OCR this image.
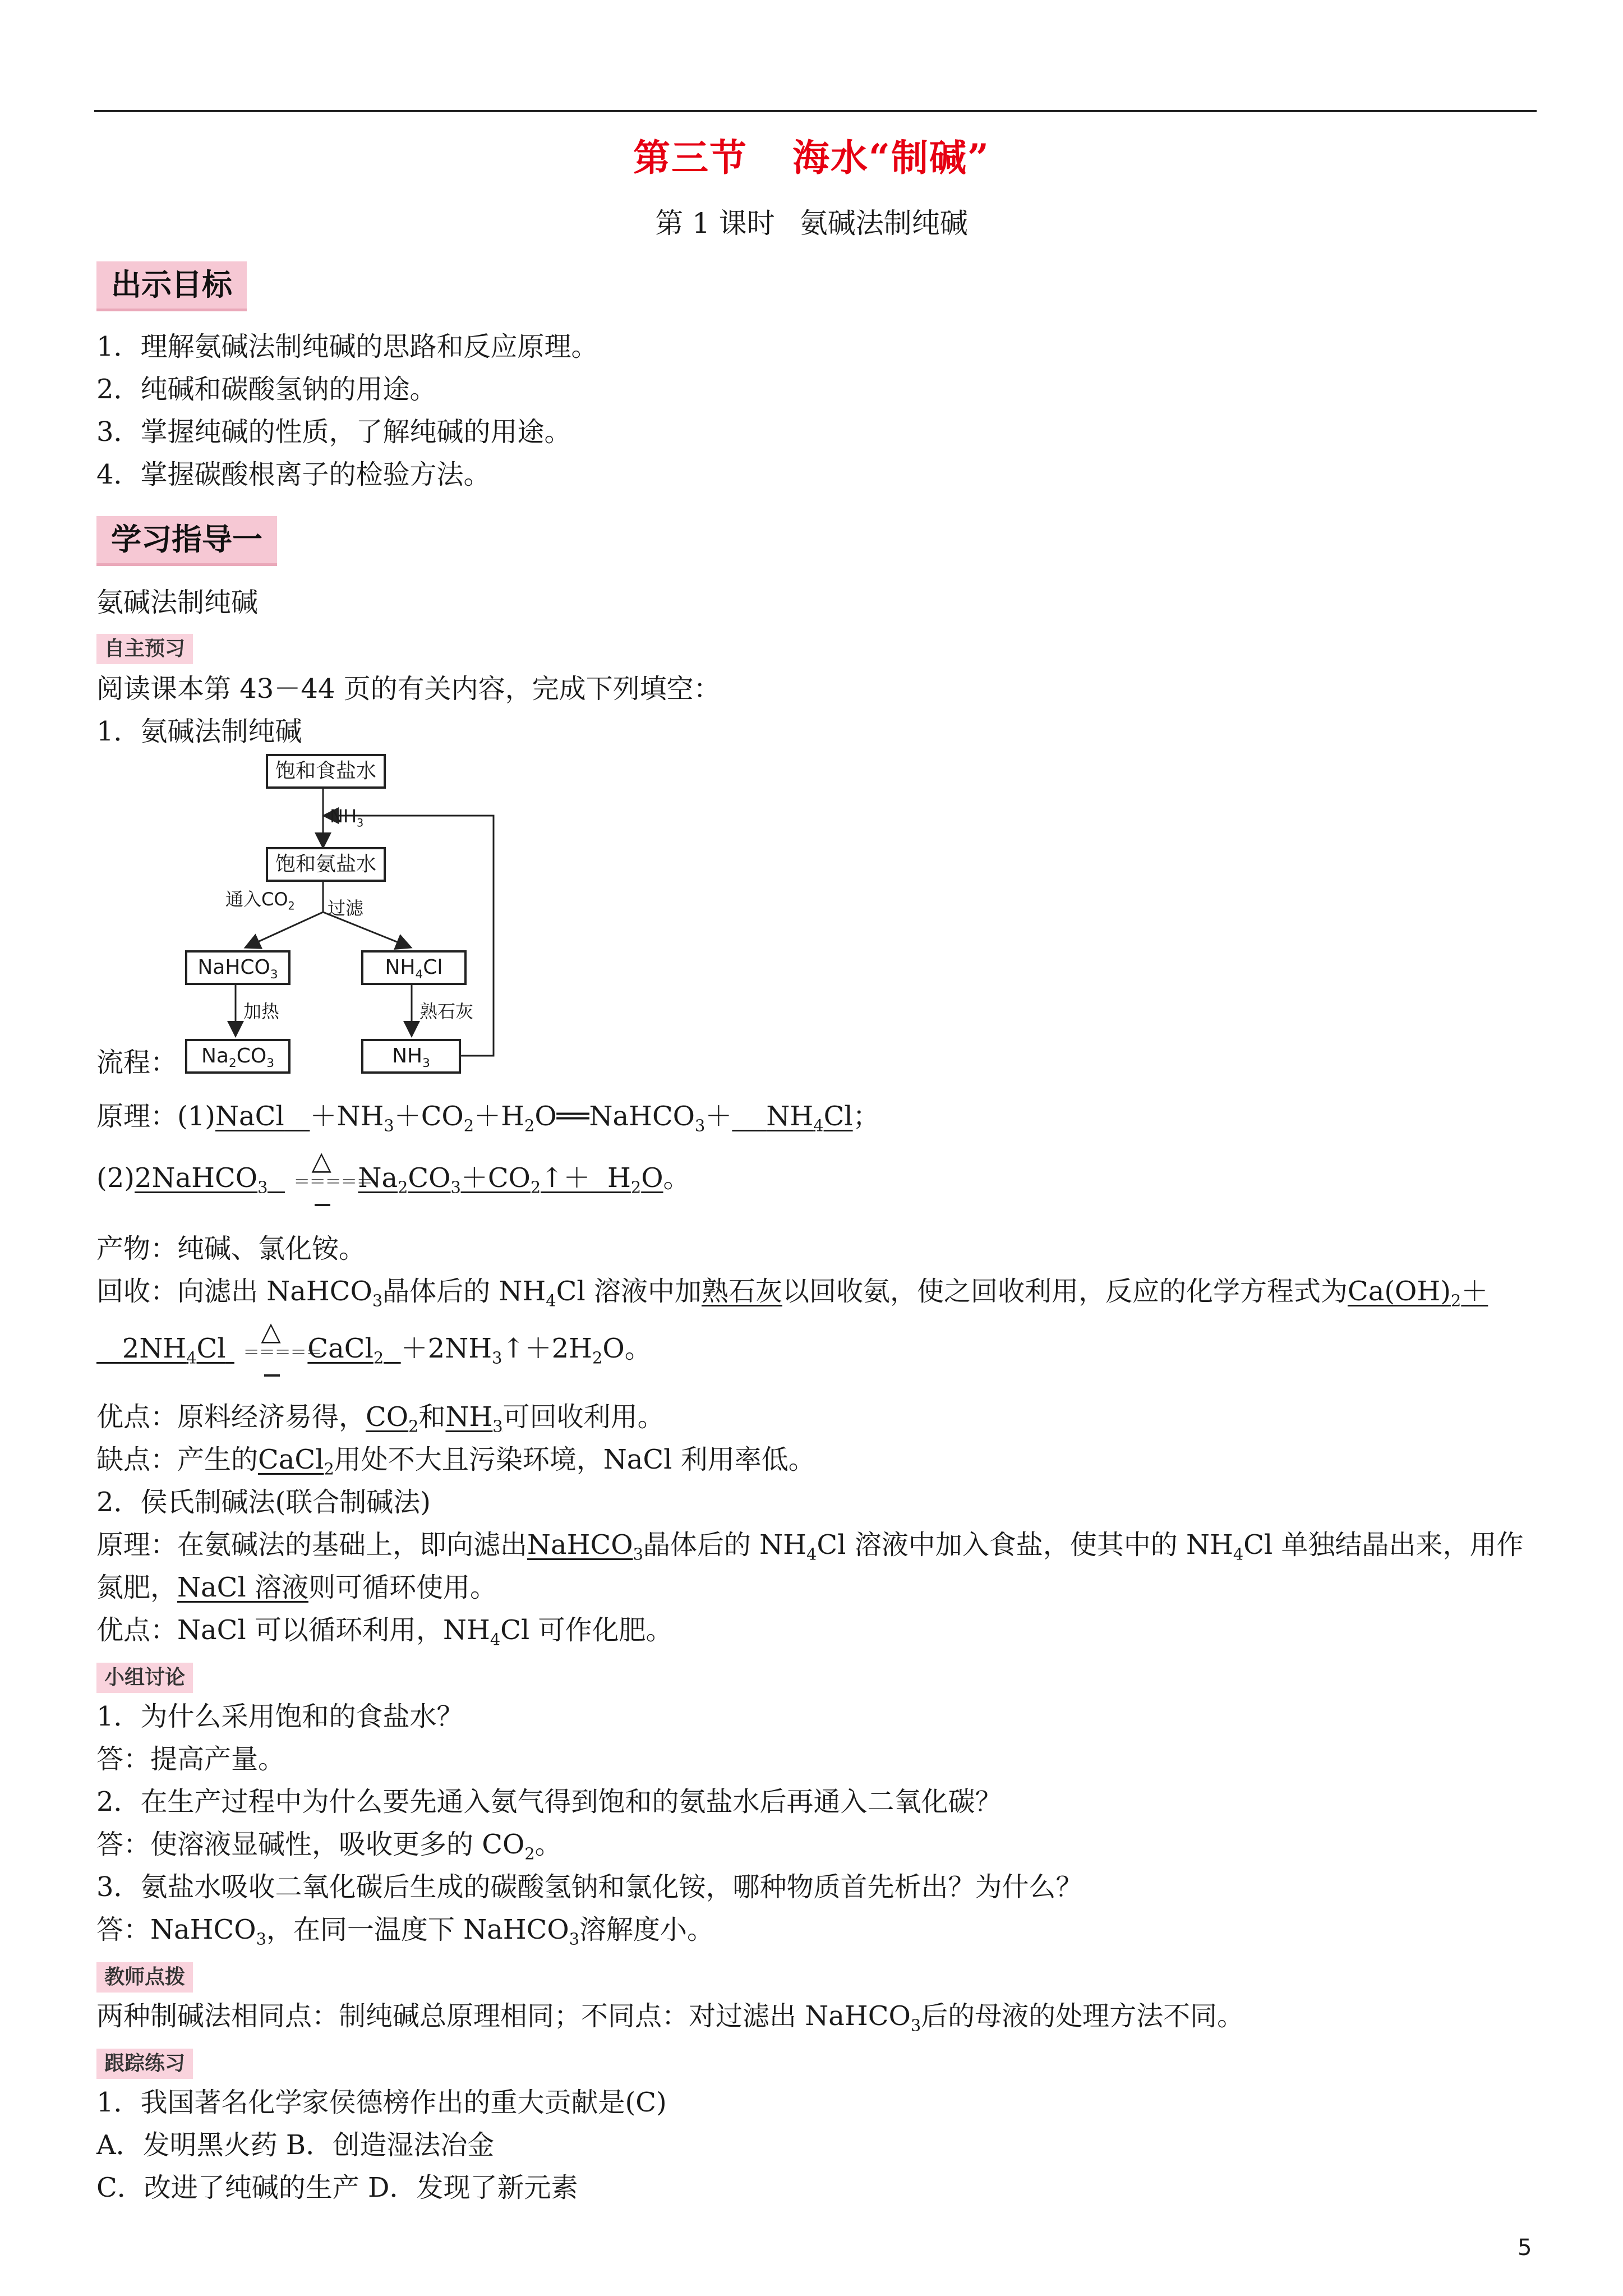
第三节 海水“制碱”
第 1 课时 氨碱法制纯碱
出示目标
1．理解氨碱法制纯碱的思路和反应原理。
2．纯碱和碳酸氢钠的用途。
3．掌握纯碱的性质，了解纯碱的用途。
4．掌握碳酸根离子的检验方法。
学习指导一
氨碱法制纯碱
自主预习
阅读课本第 43－44 页的有关内容，完成下列填空：
1．氨碱法制纯碱
饱和食盐水
$NH_3$
饱和氨盐水
通入$CO_2$ 过滤
NaHCO$_3$	$NH_4Cl$
加热	熟石灰
$Na_2CO_3$	$NH_3$
流程：
原理：(1)NaCl $+NH_3+CO_2+H_2O══NaHCO_3+ NH_4Cl$；
(2)2NaHCO$_3$
△
＝＝＝＝＝
$Na_2CO_3+CO_2↑+ H_2O$。
产物：纯碱、氯化铵。
回收：向滤出 NaHCO$_3$晶体后的 $NH_4Cl$ 溶液中加熟石灰以回收氨，使之回收利用，反应的化学方程式为$Ca(OH)_2+$
$2NH_4Cl$
△
＝＝＝＝＝
CaCl$_2$ $+2NH_3↑+2H_2O$。
优点：原料经济易得，$CO_2$和$NH_3$可回收利用。
缺点：产生的CaCl$_2$用处不大且污染环境，NaCl 利用率低。
2．侯氏制碱法(联合制碱法)
原理：在氨碱法的基础上，即向滤出NaHCO$_3$晶体后的 $NH_4Cl$ 溶液中加入食盐，使其中的 $NH_4Cl$ 单独结晶出来，用作
氮肥，NaCl 溶液则可循环使用。
优点：NaCl 可以循环利用，$NH_4Cl$ 可作化肥。
小组讨论
1．为什么采用饱和的食盐水？
答：提高产量。
2．在生产过程中为什么要先通入氨气得到饱和的氨盐水后再通入二氧化碳？
答：使溶液显碱性，吸收更多的 $CO_2$。
3．氨盐水吸收二氧化碳后生成的碳酸氢钠和氯化铵，哪种物质首先析出？为什么？
答：NaHCO$_3$，在同一温度下 NaHCO$_3$溶解度小。
教师点拨
两种制碱法相同点：制纯碱总原理相同；不同点：对过滤出 NaHCO$_3$后的母液的处理方法不同。
跟踪练习
1．我国著名化学家侯德榜作出的重大贡献是(C)
A．发明黑火药 B．创造湿法冶金
C．改进了纯碱的生产 D．发现了新元素
5
